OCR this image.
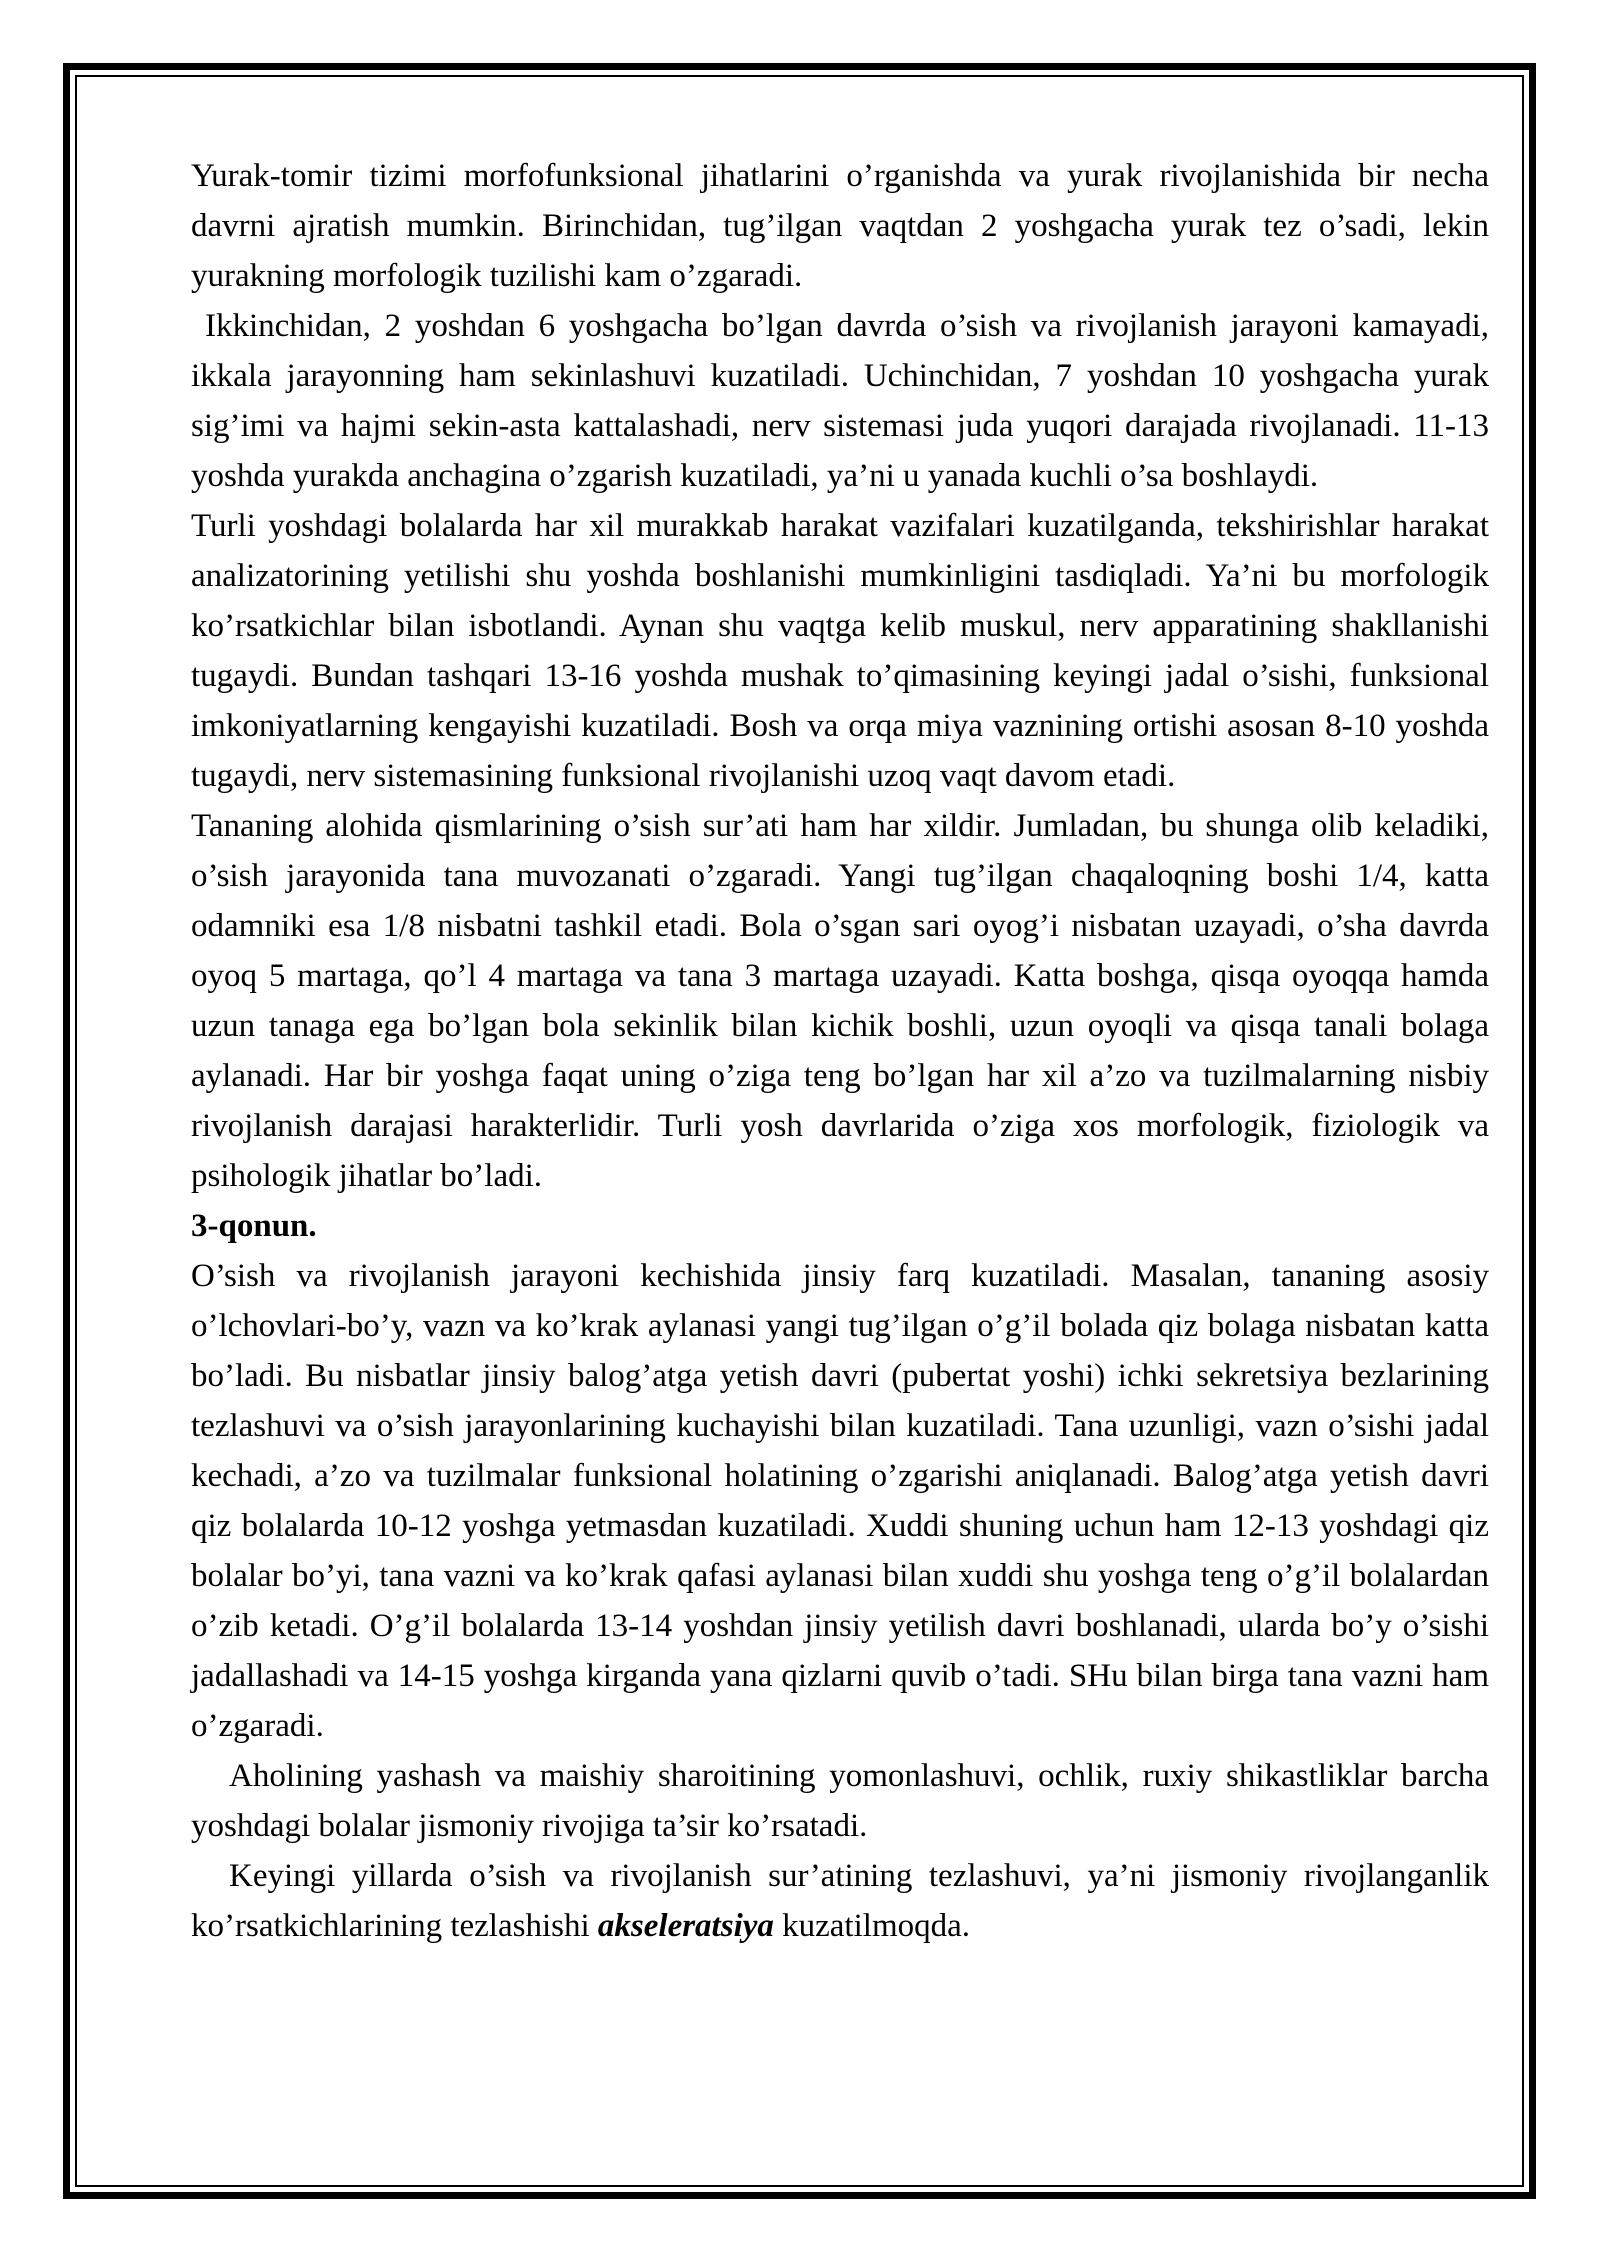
Yurak-tomir tizimi morfofunksional jihatlarini o’rganishda va yurak rivojlanishida bir necha davrni ajratish mumkin. Birinchidan, tug’ilgan vaqtdan 2 yoshgacha yurak tez o’sadi, lekin yurakning morfologik tuzilishi kam o’zgaradi.

Ikkinchidan, 2 yoshdan 6 yoshgacha bo’lgan davrda o’sish va rivojlanish jarayoni kamayadi, ikkala jarayonning ham sekinlashuvi kuzatiladi. Uchinchidan, 7 yoshdan 10 yoshgacha yurak sig’imi va hajmi sekin-asta kattalashadi, nerv sistemasi juda yuqori darajada rivojlanadi. 11-13 yoshda yurakda anchagina o’zgarish kuzatiladi, ya’ni u yanada kuchli o’sa boshlaydi.

Turli yoshdagi bolalarda har xil murakkab harakat vazifalari kuzatilganda, tekshirishlar harakat analizatorining yetilishi shu yoshda boshlanishi mumkinligini tasdiqladi. Ya’ni bu morfologik ko’rsatkichlar bilan isbotlandi. Aynan shu vaqtga kelib muskul, nerv apparatining shakllanishi tugaydi. Bundan tashqari 13-16 yoshda mushak to’qimasining keyingi jadal o’sishi, funksional imkoniyatlarning kengayishi kuzatiladi. Bosh va orqa miya vaznining ortishi asosan 8-10 yoshda tugaydi, nerv sistemasining funksional rivojlanishi uzoq vaqt davom etadi.

Tananing alohida qismlarining o’sish sur’ati ham har xildir. Jumladan, bu shunga olib keladiki, o’sish jarayonida tana muvozanati o’zgaradi. Yangi tug’ilgan chaqaloqning boshi 1/4, katta odamniki esa 1/8 nisbatni tashkil etadi. Bola o’sgan sari oyog’i nisbatan uzayadi, o’sha davrda oyoq 5 martaga, qo’l 4 martaga va tana 3 martaga uzayadi. Katta boshga, qisqa oyoqqa hamda uzun tanaga ega bo’lgan bola sekinlik bilan kichik boshli, uzun oyoqli va qisqa tanali bolaga aylanadi. Har bir yoshga faqat uning o’ziga teng bo’lgan har xil a’zo va tuzilmalarning nisbiy rivojlanish darajasi harakterlidir. Turli yosh davrlarida o’ziga xos morfologik, fiziologik va psihologik jihatlar bo’ladi.

3-qonun.

O’sish va rivojlanish jarayoni kechishida jinsiy farq kuzatiladi. Masalan, tananing asosiy o’lchovlari-bo’y, vazn va ko’krak aylanasi yangi tug’ilgan o’g’il bolada qiz bolaga nisbatan katta bo’ladi. Bu nisbatlar jinsiy balog’atga yetish davri (pubertat yoshi) ichki sekretsiya bezlarining tezlashuvi va o’sish jarayonlarining kuchayishi bilan kuzatiladi. Tana uzunligi, vazn o’sishi jadal kechadi, a’zo va tuzilmalar funksional holatining o’zgarishi aniqlanadi. Balog’atga yetish davri qiz bolalarda 10-12 yoshga yetmasdan kuzatiladi. Xuddi shuning uchun ham 12-13 yoshdagi qiz bolalar bo’yi, tana vazni va ko’krak qafasi aylanasi bilan xuddi shu yoshga teng o’g’il bolalardan o’zib ketadi. O’g’il bolalarda 13-14 yoshdan jinsiy yetilish davri boshlanadi, ularda bo’y o’sishi jadallashadi va 14-15 yoshga kirganda yana qizlarni quvib o’tadi. SHu bilan birga tana vazni ham o’zgaradi.

Aholining yashash va maishiy sharoitining yomonlashuvi, ochlik, ruxiy shikastliklar barcha yoshdagi bolalar jismoniy rivojiga ta’sir ko’rsatadi.

Keyingi yillarda o’sish va rivojlanish sur’atining tezlashuvi, ya’ni jismoniy rivojlanganlik ko’rsatkichlarining tezlashishi akseleratsiya kuzatilmoqda.
